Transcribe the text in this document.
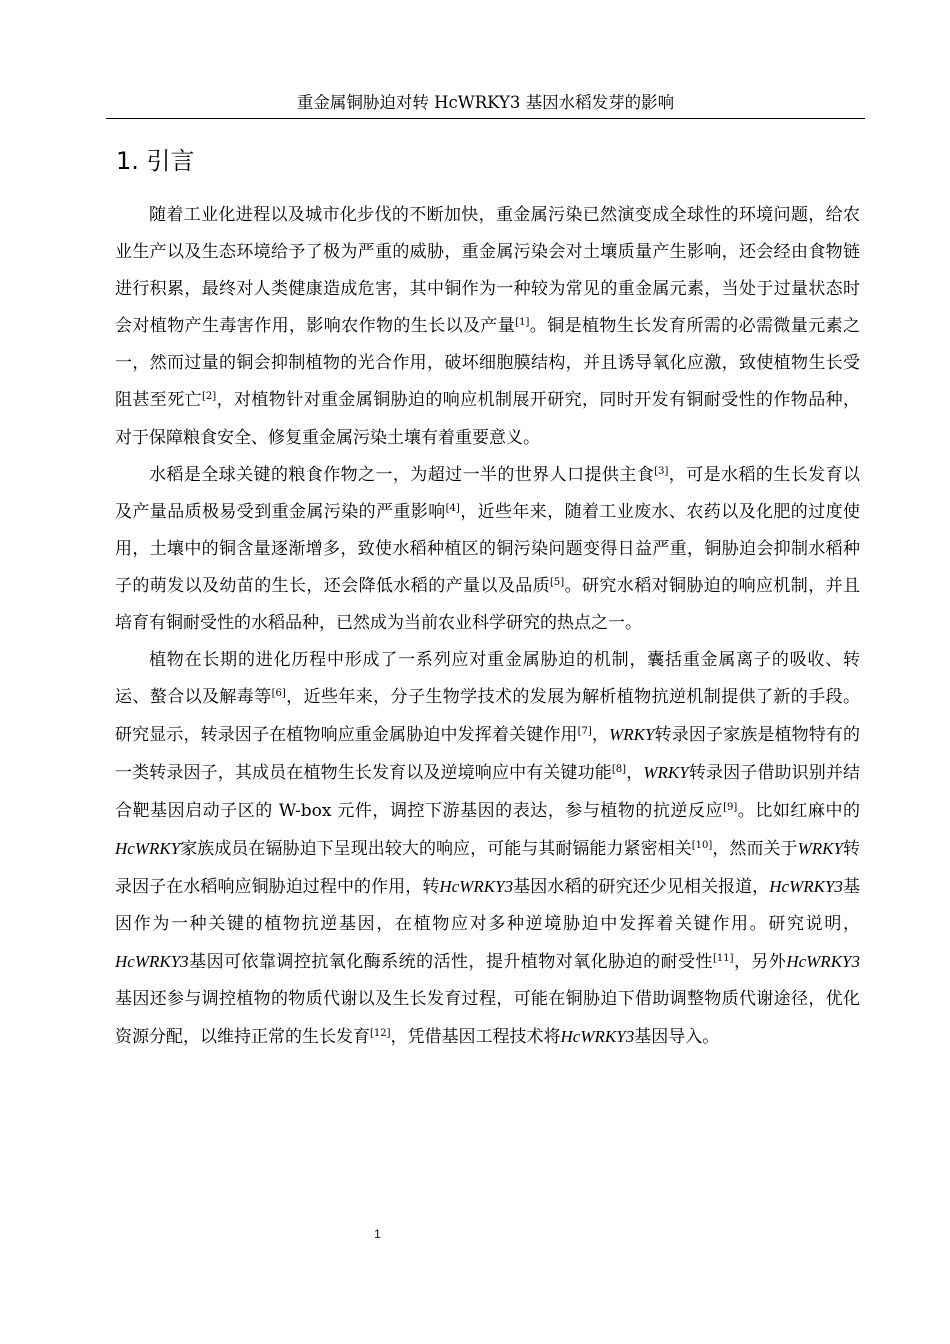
重金属铜胁迫对转 HcWRKY3 基因水稻发芽的影响
1. 引言

随着工业化进程以及城市化步伐的不断加快，重金属污染已然演变成全球性的环境问题，给农业生产以及生态环境给予了极为严重的威胁，重金属污染会对土壤质量产生影响，还会经由食物链进行积累，最终对人类健康造成危害，其中铜作为一种较为常见的重金属元素，当处于过量状态时会对植物产生毒害作用，影响农作物的生长以及产量[1]。铜是植物生长发育所需的必需微量元素之一，然而过量的铜会抑制植物的光合作用，破坏细胞膜结构，并且诱导氧化应激，致使植物生长受阻甚至死亡[2]，对植物针对重金属铜胁迫的响应机制展开研究，同时开发有铜耐受性的作物品种，对于保障粮食安全、修复重金属污染土壤有着重要意义。

水稻是全球关键的粮食作物之一，为超过一半的世界人口提供主食[3]，可是水稻的生长发育以及产量品质极易受到重金属污染的严重影响[4]，近些年来，随着工业废水、农药以及化肥的过度使用，土壤中的铜含量逐渐增多，致使水稻种植区的铜污染问题变得日益严重，铜胁迫会抑制水稻种子的萌发以及幼苗的生长，还会降低水稻的产量以及品质[5]。研究水稻对铜胁迫的响应机制，并且培育有铜耐受性的水稻品种，已然成为当前农业科学研究的热点之一。

植物在长期的进化历程中形成了一系列应对重金属胁迫的机制，囊括重金属离子的吸收、转运、螯合以及解毒等[6]，近些年来，分子生物学技术的发展为解析植物抗逆机制提供了新的手段。研究显示，转录因子在植物响应重金属胁迫中发挥着关键作用[7]，WRKY转录因子家族是植物特有的一类转录因子，其成员在植物生长发育以及逆境响应中有关键功能[8]，WRKY转录因子借助识别并结合靶基因启动子区的 W-box 元件，调控下游基因的表达，参与植物的抗逆反应[9]。比如红麻中的HcWRKY家族成员在镉胁迫下呈现出较大的响应，可能与其耐镉能力紧密相关[10]，然而关于WRKY转录因子在水稻响应铜胁迫过程中的作用，转HcWRKY3基因水稻的研究还少见相关报道，HcWRKY3基因作为一种关键的植物抗逆基因，在植物应对多种逆境胁迫中发挥着关键作用。研究说明，HcWRKY3基因可依靠调控抗氧化酶系统的活性，提升植物对氧化胁迫的耐受性[11]，另外HcWRKY3基因还参与调控植物的物质代谢以及生长发育过程，可能在铜胁迫下借助调整物质代谢途径，优化资源分配，以维持正常的生长发育[12]，凭借基因工程技术将HcWRKY3基因导入。

1
